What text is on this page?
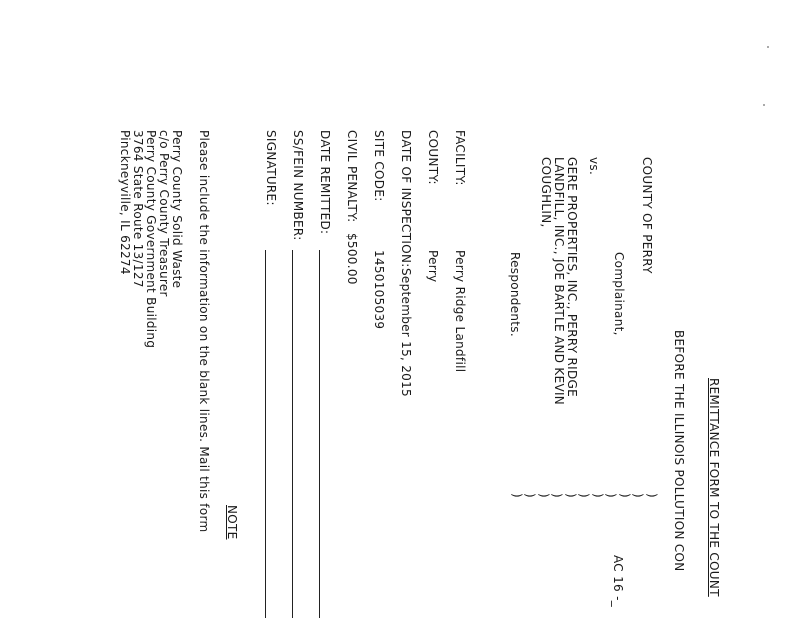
REMITTANCE FORM TO THE COUNT
BEFORE THE ILLINOIS POLLUTION CON
COUNTY OF PERRY
Complainant,
)
)
)
)
)
)
)
)
)
)
)
AC 16 -_
vs.
GERE PROPERTIES, INC., PERRY RIDGE
LANDFILL, INC., JOE BARTLE AND KEVIN
COUGHLIN,
Respondents.
FACILITY:
Perry Ridge Landfill
COUNTY:
Perry
DATE OF INSPECTION:
September 15, 2015
SITE CODE:
1450105039
CIVIL PENALTY:
$500.00
DATE REMITTED:
SS/FEIN NUMBER:
SIGNATURE:
NOTE
Please include the information on the blank lines. Mail this form
Perry County Solid Waste
c/o Perry County Treasurer
Perry County Government Building
3764 State Route 13/127
Pinckneyville, IL 62274
